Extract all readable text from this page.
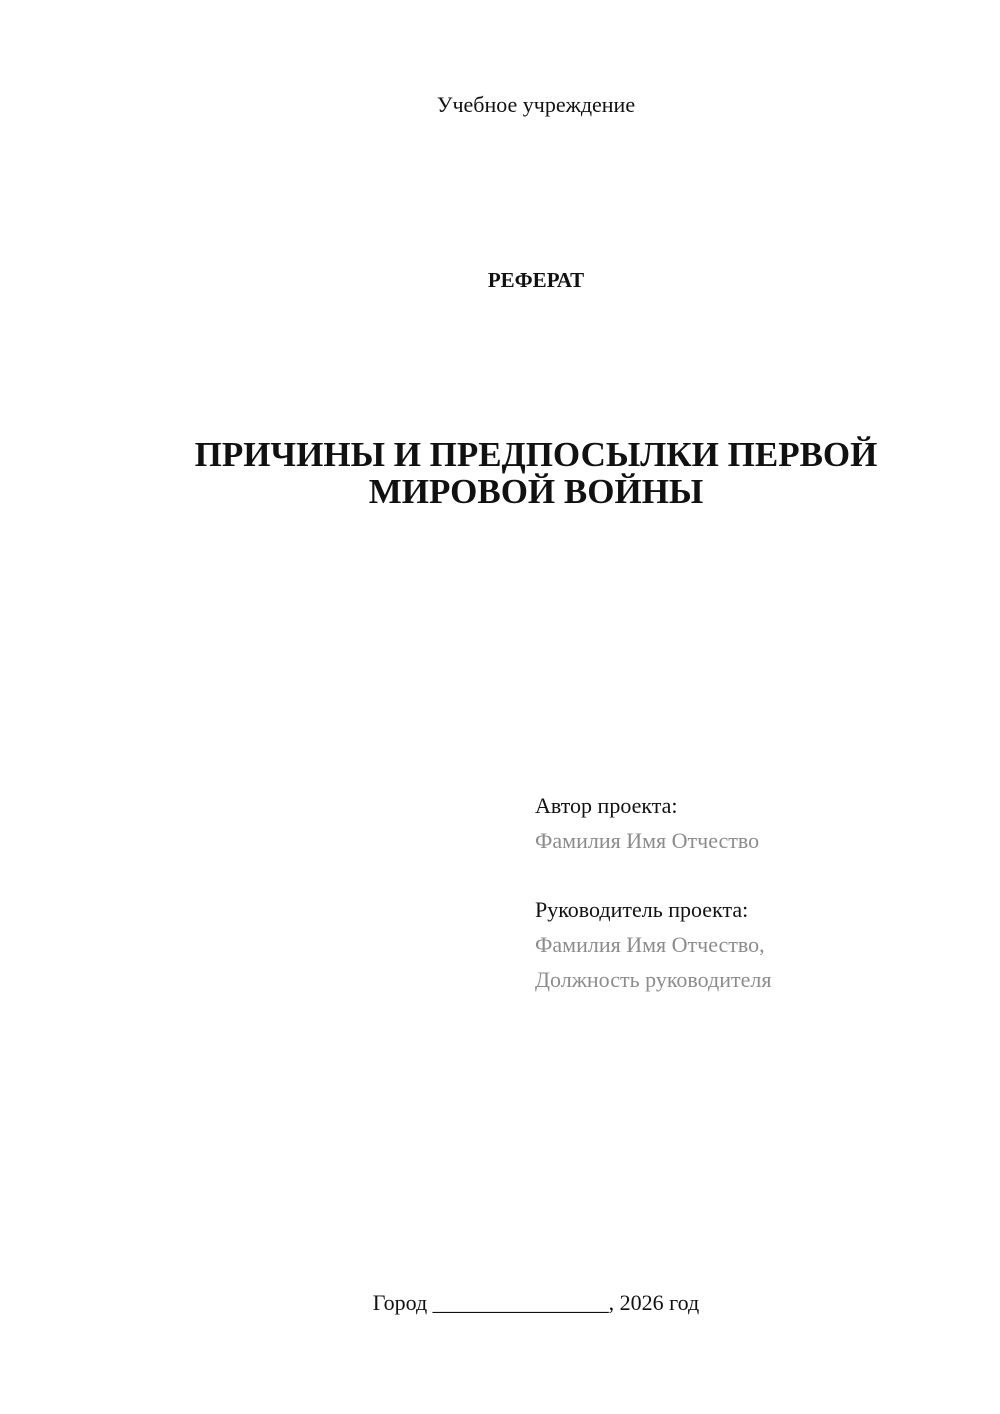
Учебное учреждение
РЕФЕРАТ
ПРИЧИНЫ И ПРЕДПОСЫЛКИ ПЕРВОЙ
МИРОВОЙ ВОЙНЫ
Автор проекта:
Фамилия Имя Отчество
Руководитель проекта:
Фамилия Имя Отчество,
Должность руководителя
Город ________________, 2026 год
